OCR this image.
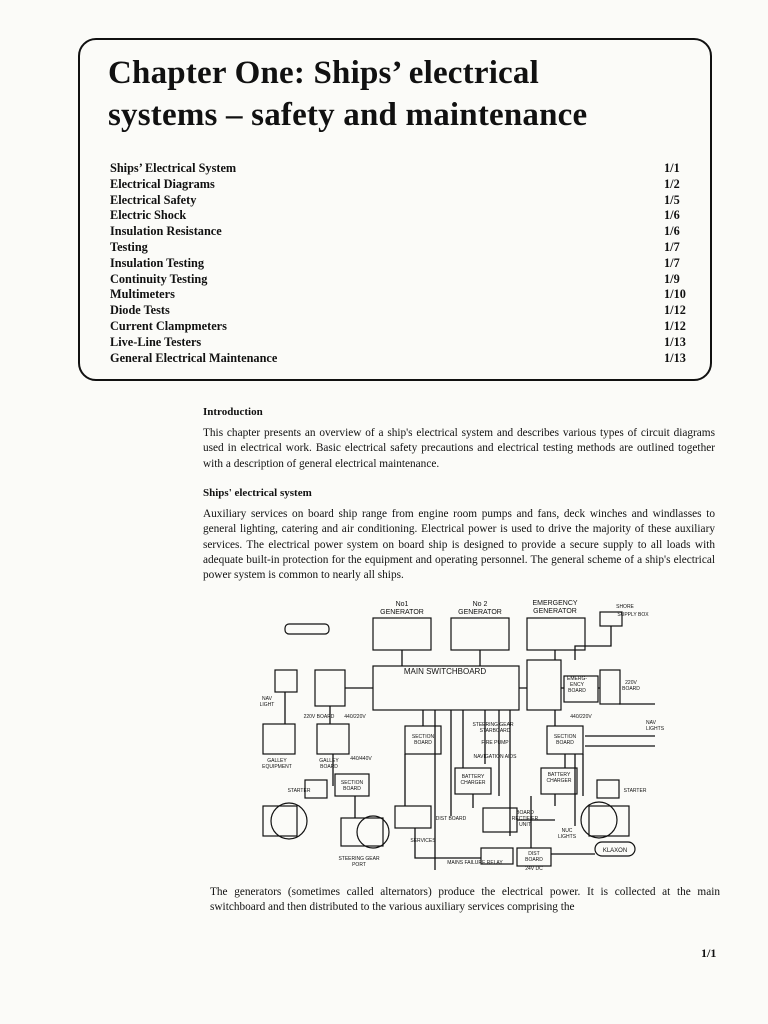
Chapter One: Ships’ electrical
systems – safety and maintenance
Ships’ Electrical System	1/1
Electrical Diagrams	1/2
Electrical Safety	1/5
Electric Shock	1/6
Insulation Resistance	1/6
Testing	1/7
Insulation Testing	1/7
Continuity Testing	1/9
Multimeters	1/10
Diode Tests	1/12
Current Clampmeters	1/12
Live-Line Testers	1/13
General Electrical Maintenance	1/13
Introduction
This chapter presents an overview of a ship's electrical system and describes various types of circuit diagrams used in electrical work. Basic electrical safety precautions and electrical testing methods are outlined together with a description of general electrical maintenance.
Ships' electrical system
Auxiliary services on board ship range from engine room pumps and fans, deck winches and windlasses to general lighting, catering and air conditioning. Electrical power is used to drive the majority of these auxiliary services. The electrical power system on board ship is designed to provide a secure supply to all loads with adequate built-in protection for the equipment and operating personnel. The general scheme of a ship's electrical power system is common to nearly all ships.
No1
GENERATOR
No 2
GENERATOR
EMERGENCY
GENERATOR
SHORE
SUPPLY BOX
MAIN SWITCHBOARD
EMERG-
ENCY
BOARD
220V
BOARD
NAV
LIGHT
NAV
LIGHTS
220V BOARD 440/220V	440/220V
STEERING GEAR
STARBOARD
FIRE PUMP
NAVIGATION AIDS
SECTION
BOARD
SECTION
BOARD
SECTION
BOARD
GALLEY
EQUIPMENT
GALLEY
BOARD
440/440V
BATTERY
CHARGER
BATTERY
CHARGER
STARTER	STARTER
DIST BOARD
BOARD
RECTIFIER
UNIT
NUC
LIGHTS
SERVICES
STEERING GEAR
PORT	MAINS FAILURE RELAY
DIST
BOARD
24V DC
KLAXON
The generators (sometimes called alternators) produce the electrical power. It is collected at the main switchboard and then distributed to the various auxiliary services comprising the
1/1
